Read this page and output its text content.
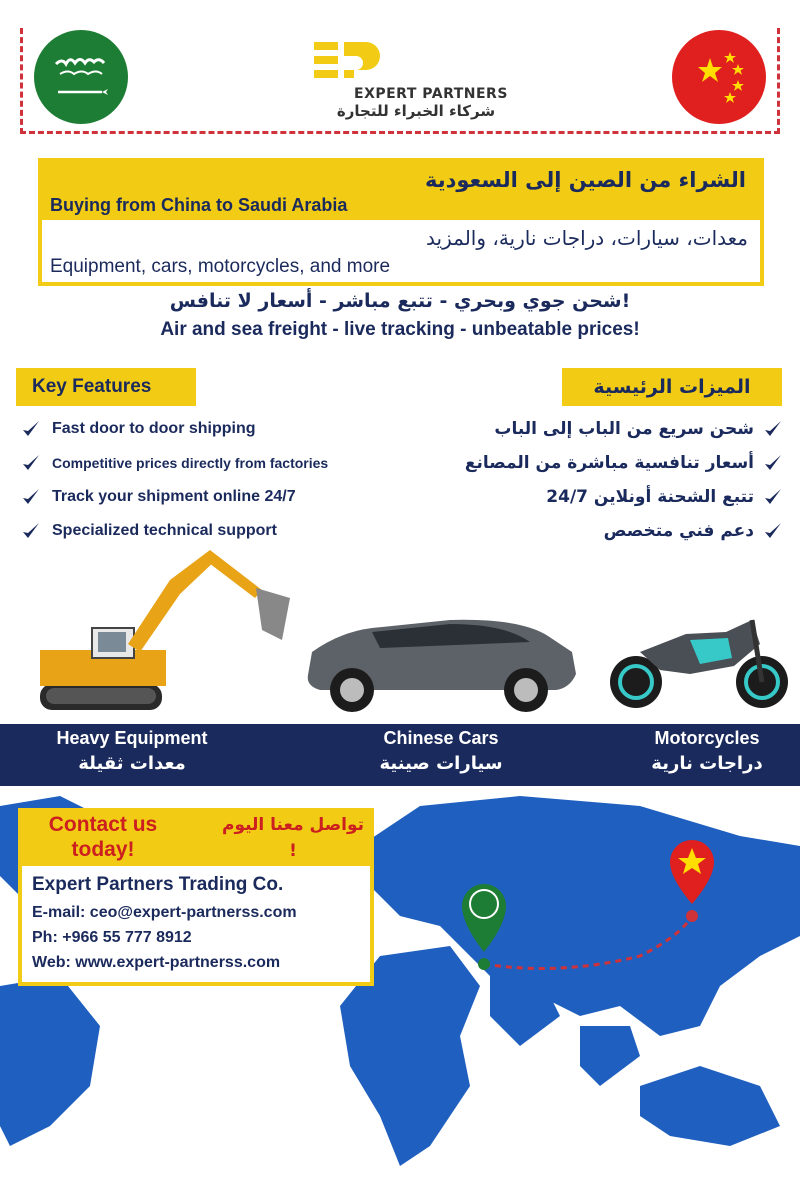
EXPERT PARTNERS
شركاء الخبراء للتجارة
الشراء من الصين إلى السعودية
Buying from China to Saudi Arabia
معدات، سيارات، دراجات نارية، والمزيد
Equipment, cars, motorcycles, and more
!شحن جوي وبحري - تتبع مباشر - أسعار لا تنافس
Air and sea freight - live tracking - unbeatable prices!
Key Features	الميزات الرئيسية
Fast door to door shipping
Competitive prices directly from factories
Track your shipment online 24/7
Specialized technical support
شحن سريع من الباب إلى الباب
أسعار تنافسية مباشرة من المصانع
تتبع الشحنة أونلاين 24/7
دعم فني متخصص
Heavy Equipment
معدات ثقيلة
Chinese Cars
سيارات صينية
Motorcycles
دراجات نارية
Contact us today!
تواصل معنا اليوم !
Expert Partners Trading Co.
E-mail: ceo@expert-partnerss.com
Ph: +966 55 777 8912
Web: www.expert-partnerss.com
